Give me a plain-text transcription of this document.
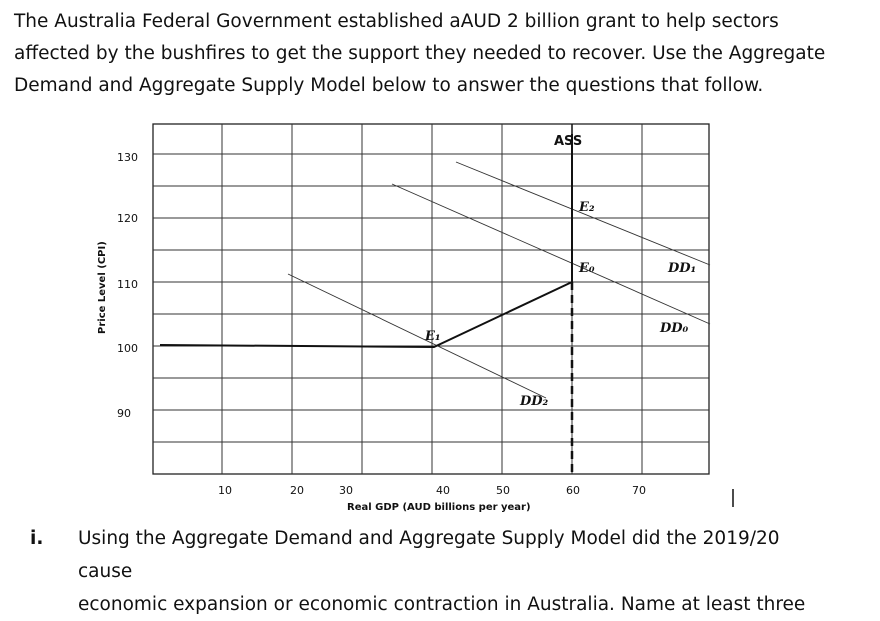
The Australia Federal Government established aAUD 2 billion grant to help sectors

affected by the bushfires to get the support they needed to recover. Use the Aggregate

Demand and Aggregate Supply Model below to answer the questions that follow.

130
120
110
100
90
10	20	30	40	50	60	70
Real GDP (AUD billions per year)
Price Level (CPI)
ASS
E₂
E₀
E₁
DD₁
DD₀
DD₂
i. Using the Aggregate Demand and Aggregate Supply Model did the 2019/20 cause
economic expansion or economic contraction in Australia. Name at least three
